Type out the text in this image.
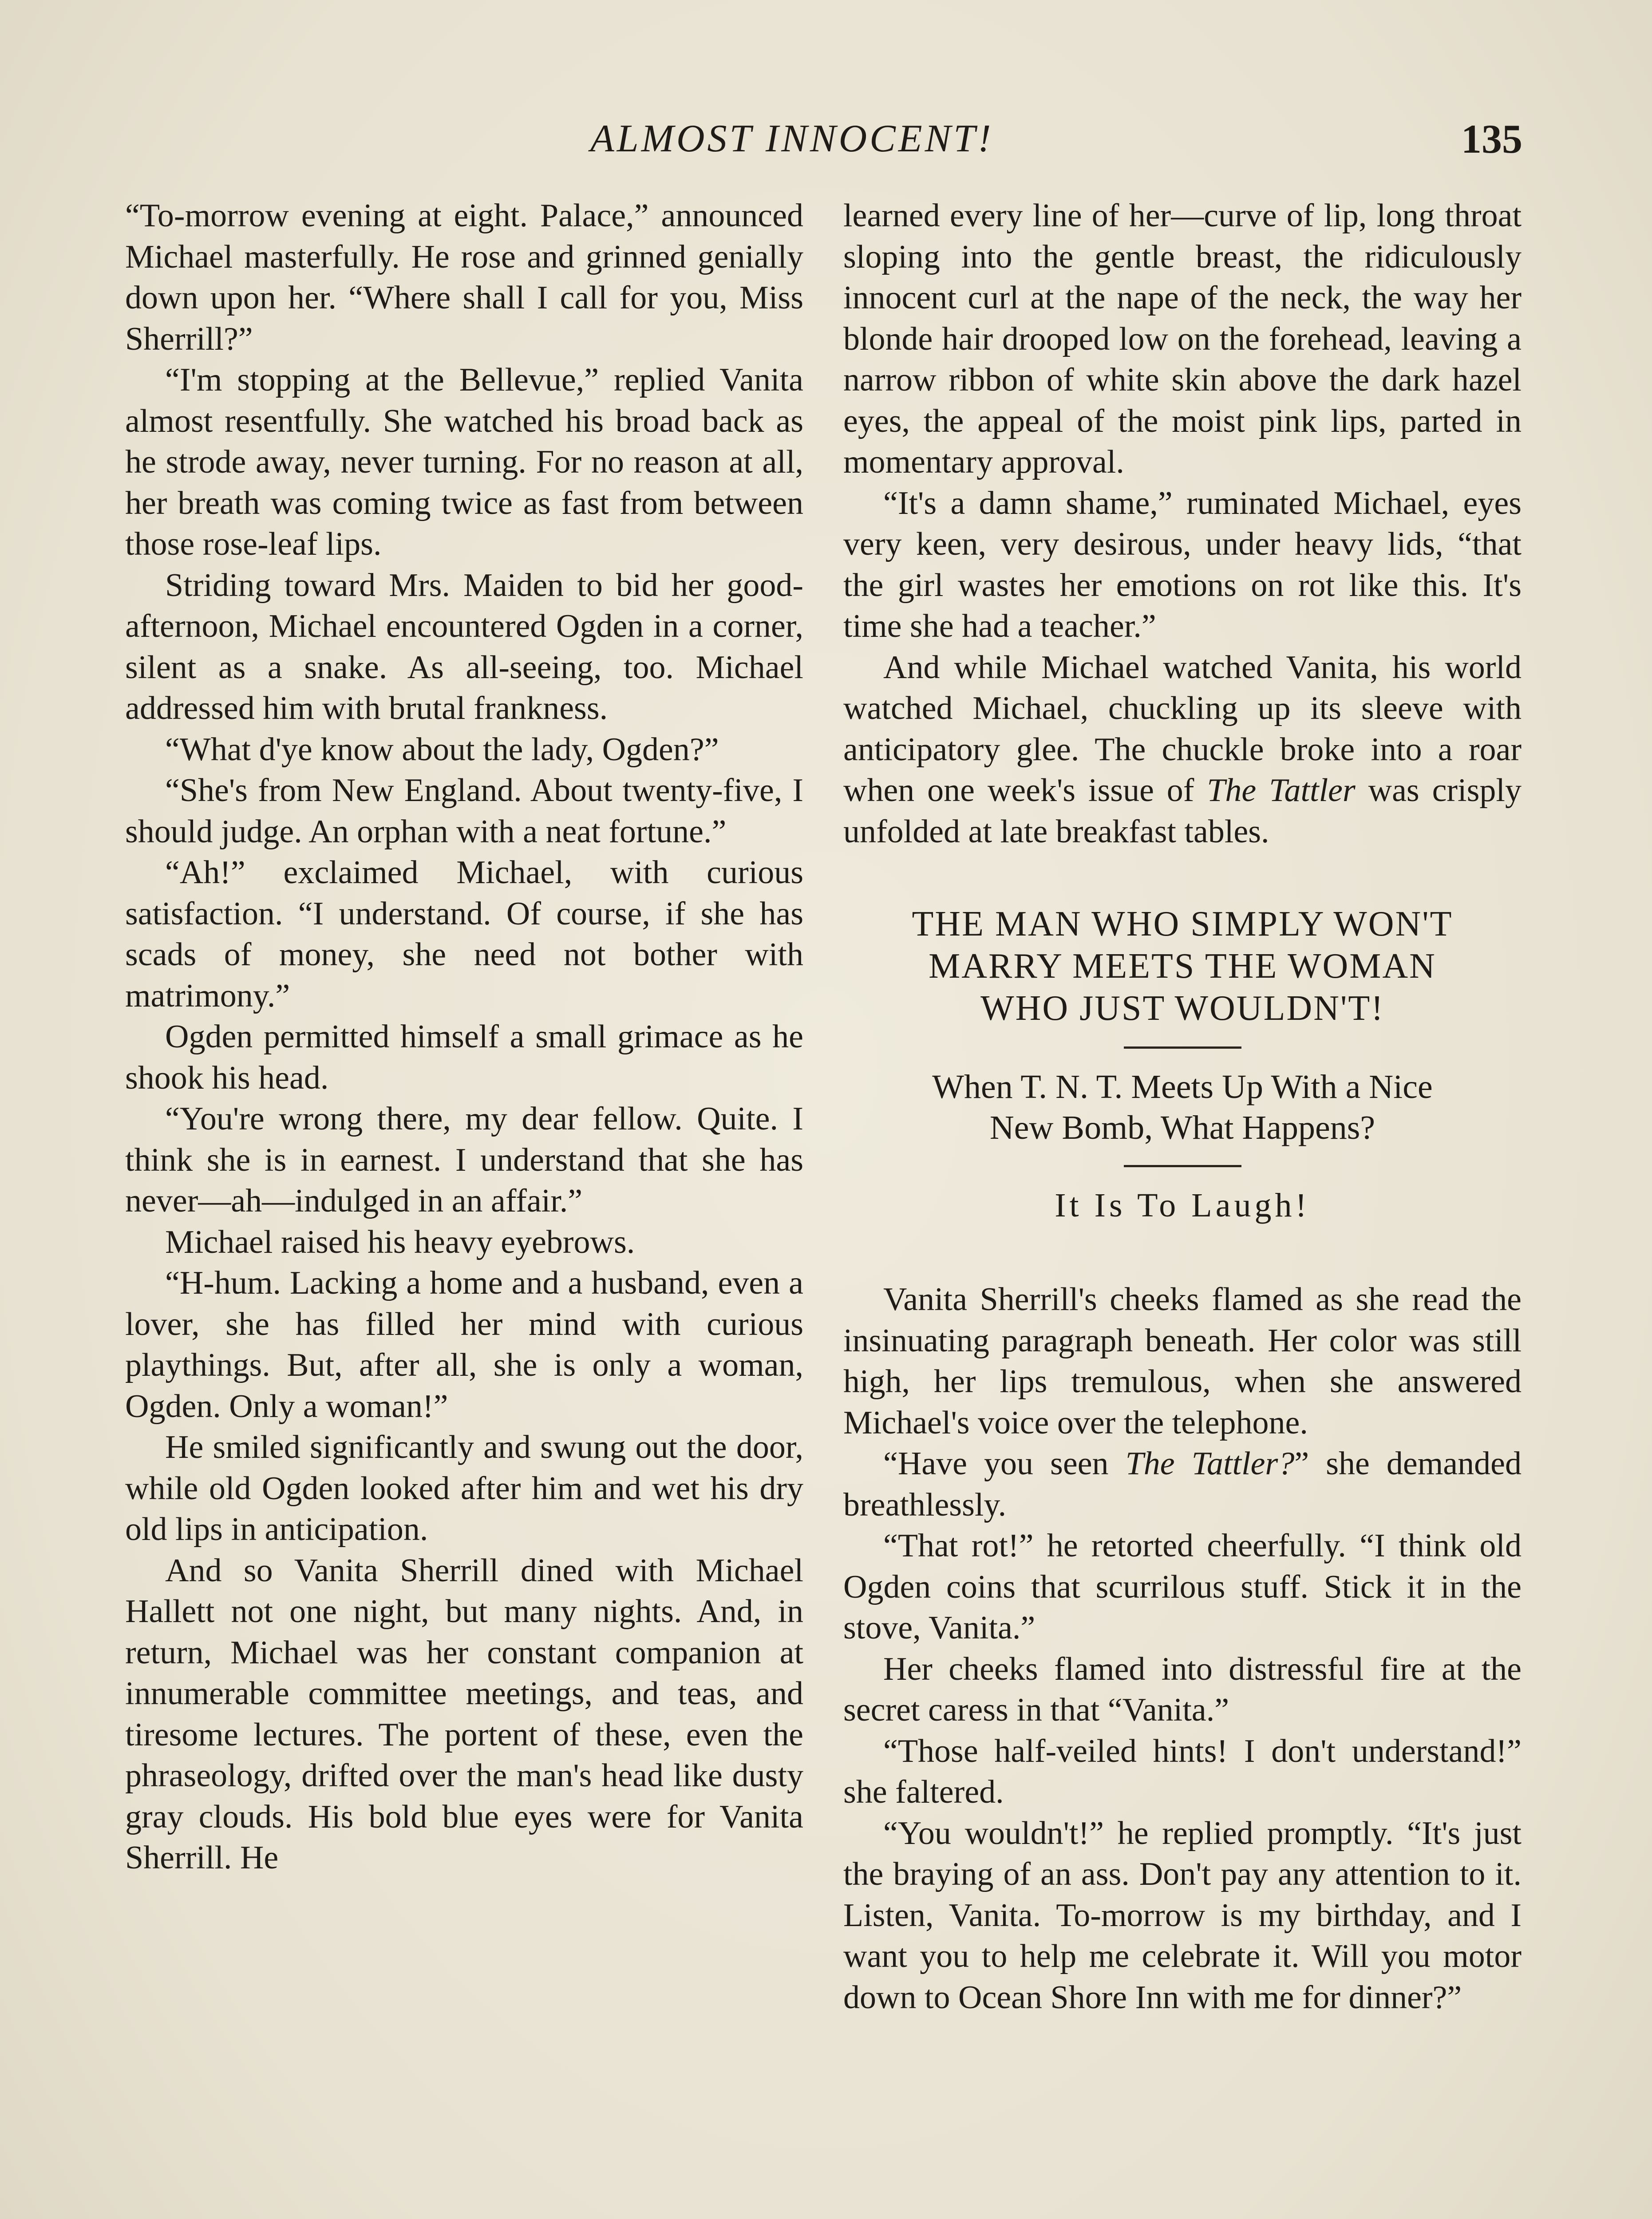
ALMOST INNOCENT!	135

“To-morrow evening at eight. Palace,” announced Michael masterfully. He rose and grinned genially down upon her. “Where shall I call for you, Miss Sherrill?”

“I'm stopping at the Bellevue,” replied Vanita almost resentfully. She watched his broad back as he strode away, never turning. For no reason at all, her breath was coming twice as fast from between those rose-leaf lips.

Striding toward Mrs. Maiden to bid her good-afternoon, Michael encountered Ogden in a corner, silent as a snake. As all-seeing, too. Michael addressed him with brutal frankness.

“What d'ye know about the lady, Ogden?”

“She's from New England. About twenty-five, I should judge. An orphan with a neat fortune.”

“Ah!” exclaimed Michael, with curious satisfaction. “I understand. Of course, if she has scads of money, she need not bother with matrimony.”

Ogden permitted himself a small grimace as he shook his head.

“You're wrong there, my dear fellow. Quite. I think she is in earnest. I understand that she has never—ah—indulged in an affair.”

Michael raised his heavy eyebrows.

“H-hum. Lacking a home and a husband, even a lover, she has filled her mind with curious playthings. But, after all, she is only a woman, Ogden. Only a woman!”

He smiled significantly and swung out the door, while old Ogden looked after him and wet his dry old lips in anticipation.

And so Vanita Sherrill dined with Michael Hallett not one night, but many nights. And, in return, Michael was her constant companion at innumerable committee meetings, and teas, and tiresome lectures. The portent of these, even the phraseology, drifted over the man's head like dusty gray clouds. His bold blue eyes were for Vanita Sherrill. He

learned every line of her—curve of lip, long throat sloping into the gentle breast, the ridiculously innocent curl at the nape of the neck, the way her blonde hair drooped low on the forehead, leaving a narrow ribbon of white skin above the dark hazel eyes, the appeal of the moist pink lips, parted in momentary approval.

“It's a damn shame,” ruminated Michael, eyes very keen, very desirous, under heavy lids, “that the girl wastes her emotions on rot like this. It's time she had a teacher.”

And while Michael watched Vanita, his world watched Michael, chuckling up its sleeve with anticipatory glee. The chuckle broke into a roar when one week's issue of The Tattler was crisply unfolded at late breakfast tables.

THE MAN WHO SIMPLY WON'T
MARRY MEETS THE WOMAN
WHO JUST WOULDN'T!
When T. N. T. Meets Up With a Nice
New Bomb, What Happens?
It Is To Laugh!

Vanita Sherrill's cheeks flamed as she read the insinuating paragraph beneath. Her color was still high, her lips tremulous, when she answered Michael's voice over the telephone.

“Have you seen The Tattler?” she demanded breathlessly.

“That rot!” he retorted cheerfully. “I think old Ogden coins that scurrilous stuff. Stick it in the stove, Vanita.”

Her cheeks flamed into distressful fire at the secret caress in that “Vanita.”

“Those half-veiled hints! I don't understand!” she faltered.

“You wouldn't!” he replied promptly. “It's just the braying of an ass. Don't pay any attention to it. Listen, Vanita. To-morrow is my birthday, and I want you to help me celebrate it. Will you motor down to Ocean Shore Inn with me for dinner?”
